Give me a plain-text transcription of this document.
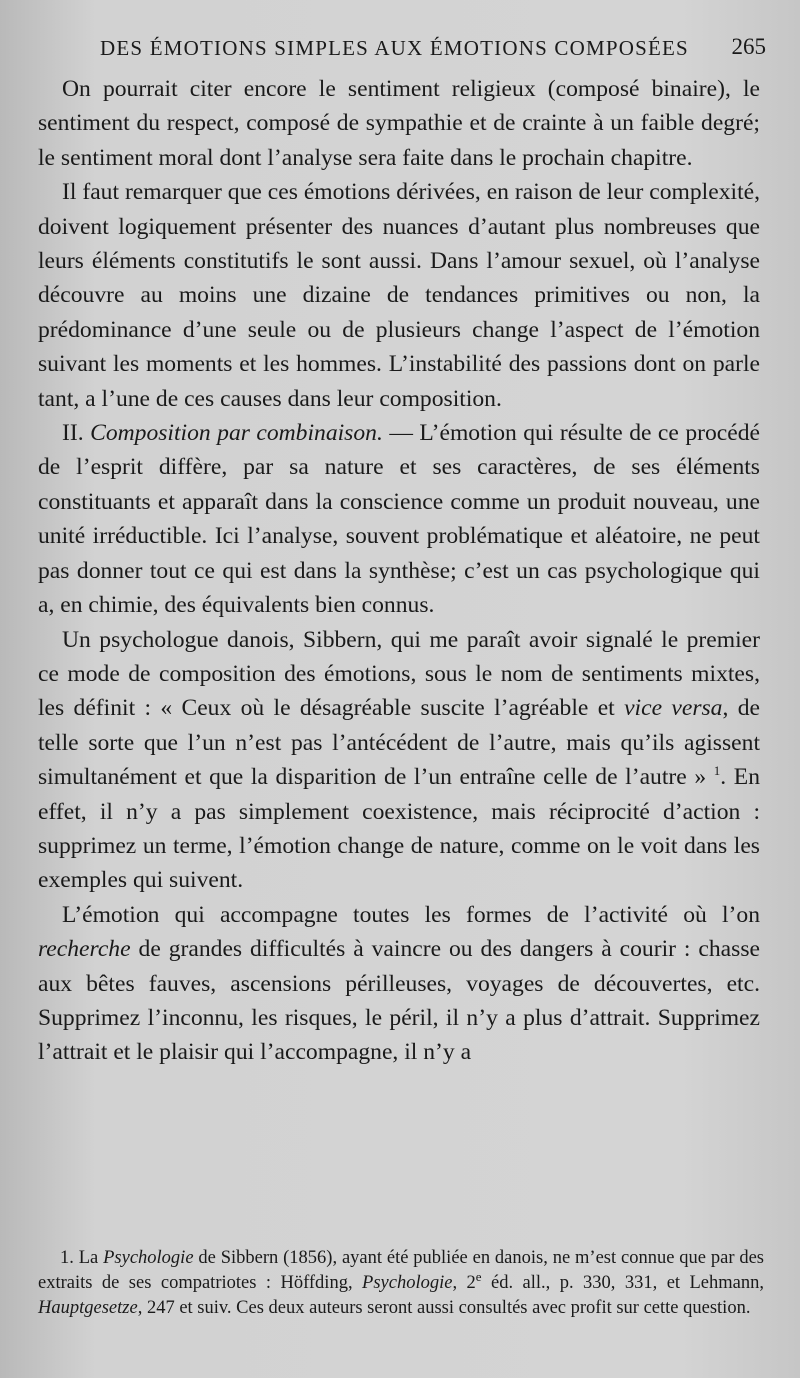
DES ÉMOTIONS SIMPLES AUX ÉMOTIONS COMPOSÉES 265

On pourrait citer encore le sentiment religieux (composé binaire), le sentiment du respect, composé de sympathie et de crainte à un faible degré; le sentiment moral dont l’analyse sera faite dans le prochain chapitre.

Il faut remarquer que ces émotions dérivées, en raison de leur complexité, doivent logiquement présenter des nuances d’autant plus nombreuses que leurs éléments constitutifs le sont aussi. Dans l’amour sexuel, où l’analyse découvre au moins une dizaine de tendances primitives ou non, la prédominance d’une seule ou de plusieurs change l’aspect de l’émotion suivant les moments et les hommes. L’instabilité des passions dont on parle tant, a l’une de ces causes dans leur composition.

II. Composition par combinaison. — L’émotion qui résulte de ce procédé de l’esprit diffère, par sa nature et ses caractères, de ses éléments constituants et apparaît dans la conscience comme un produit nouveau, une unité irréductible. Ici l’analyse, souvent problématique et aléatoire, ne peut pas donner tout ce qui est dans la synthèse; c’est un cas psychologique qui a, en chimie, des équivalents bien connus.

Un psychologue danois, Sibbern, qui me paraît avoir signalé le premier ce mode de composition des émotions, sous le nom de sentiments mixtes, les définit : « Ceux où le désagréable suscite l’agréable et vice versa, de telle sorte que l’un n’est pas l’antécédent de l’autre, mais qu’ils agissent simultanément et que la disparition de l’un entraîne celle de l’autre » $^1$. En effet, il n’y a pas simplement coexistence, mais réciprocité d’action : supprimez un terme, l’émotion change de nature, comme on le voit dans les exemples qui suivent.

L’émotion qui accompagne toutes les formes de l’activité où l’on recherche de grandes difficultés à vaincre ou des dangers à courir : chasse aux bêtes fauves, ascensions périlleuses, voyages de découvertes, etc. Supprimez l’inconnu, les risques, le péril, il n’y a plus d’attrait. Supprimez l’attrait et le plaisir qui l’accompagne, il n’y a

1. La Psychologie de Sibbern (1856), ayant été publiée en danois, ne m’est connue que par des extraits de ses compatriotes : Höffding, Psychologie, 2e éd. all., p. 330, 331, et Lehmann, Hauptgesetze, 247 et suiv. Ces deux auteurs seront aussi consultés avec profit sur cette question.
